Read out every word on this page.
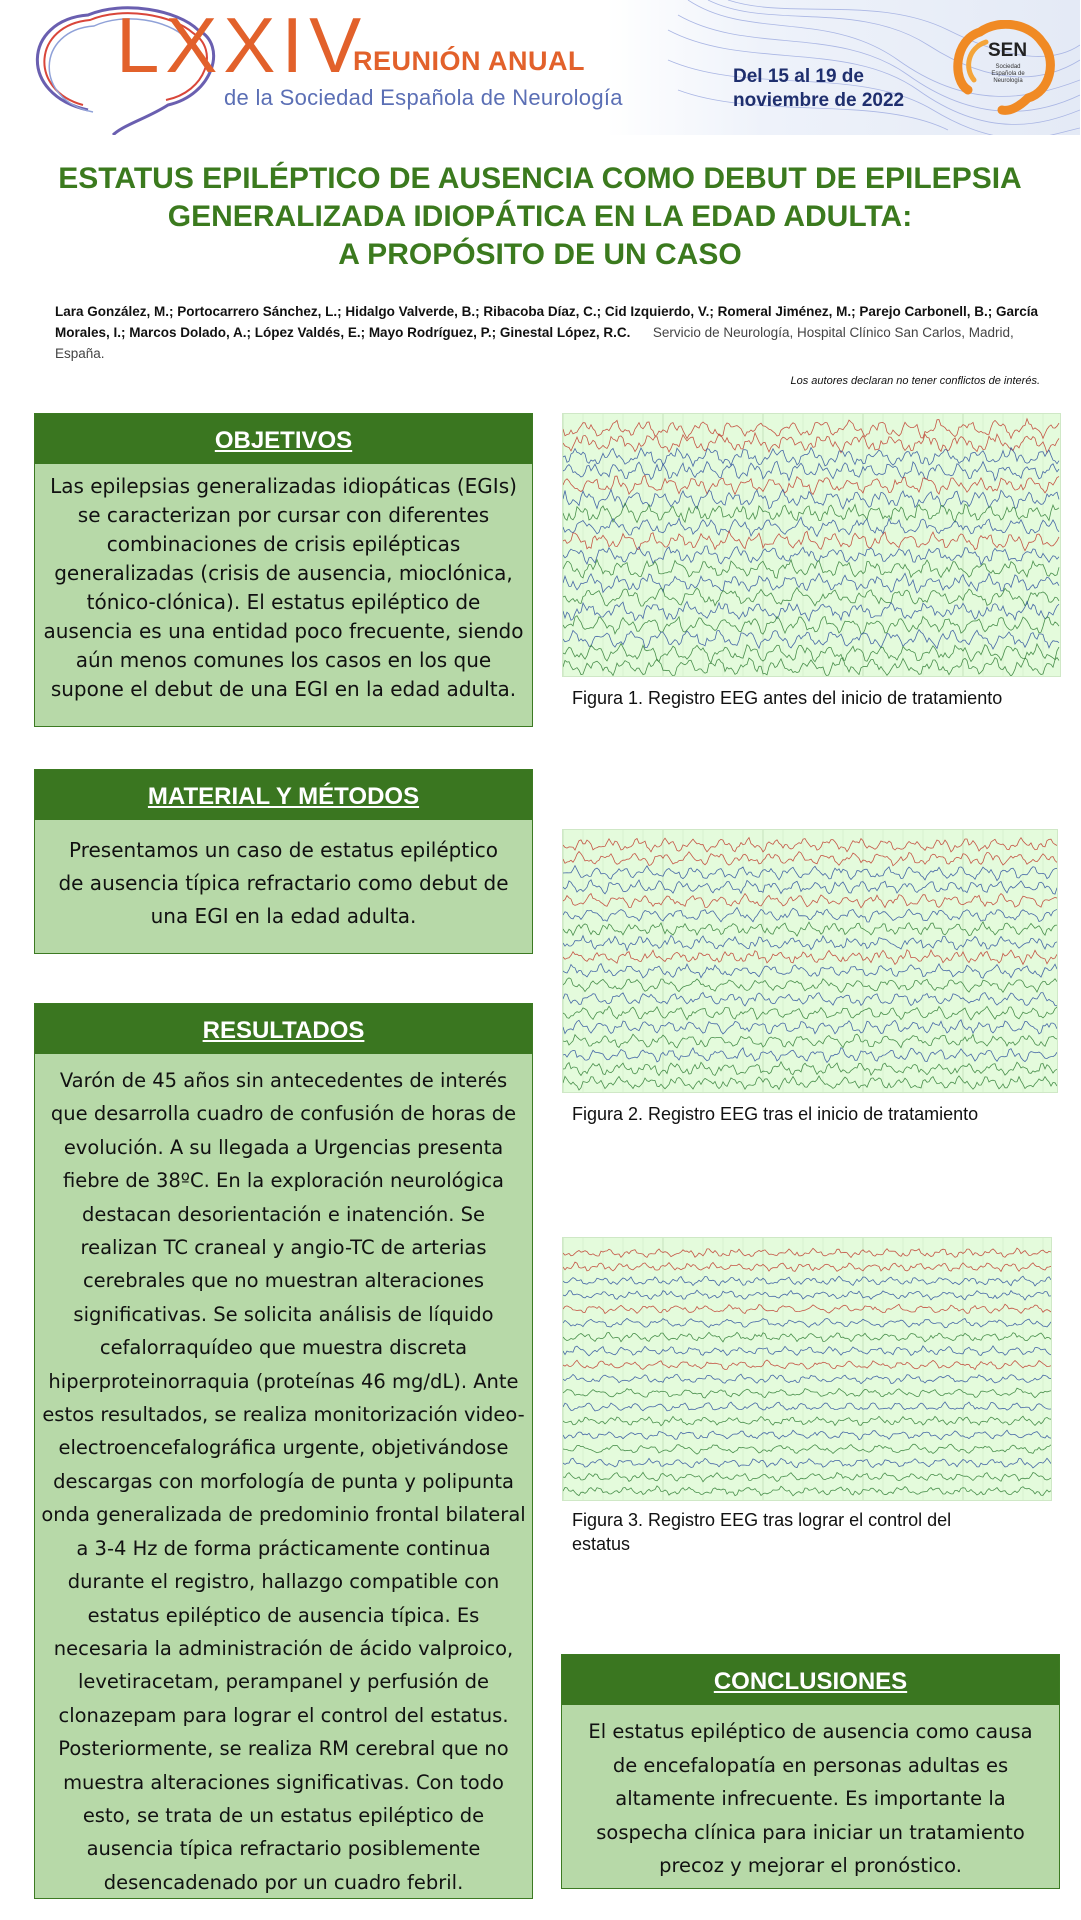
LXXIV
REUNIÓN ANUAL
de la Sociedad Española de Neurología
Del 15 al 19 de
noviembre de 2022
SEN
Sociedad Española de Neurología
ESTATUS EPILÉPTICO DE AUSENCIA COMO DEBUT DE EPILEPSIA
GENERALIZADA IDIOPÁTICA EN LA EDAD ADULTA:
A PROPÓSITO DE UN CASO
Lara González, M.; Portocarrero Sánchez, L.; Hidalgo Valverde, B.; Ribacoba Díaz, C.; Cid Izquierdo, V.; Romeral Jiménez, M.; Parejo Carbonell, B.; García Morales, I.; Marcos Dolado, A.; López Valdés, E.; Mayo Rodríguez, P.; Ginestal López, R.C. Servicio de Neurología, Hospital Clínico San Carlos, Madrid, España.
Los autores declaran no tener conflictos de interés.
OBJETIVOS
Las epilepsias generalizadas idiopáticas (EGIs) se caracterizan por cursar con diferentes combinaciones de crisis epilépticas generalizadas (crisis de ausencia, mioclónica, tónico-clónica). El estatus epiléptico de ausencia es una entidad poco frecuente, siendo aún menos comunes los casos en los que supone el debut de una EGI en la edad adulta.
MATERIAL Y MÉTODOS
Presentamos un caso de estatus epiléptico de ausencia típica refractario como debut de una EGI en la edad adulta.
RESULTADOS
Varón de 45 años sin antecedentes de interés que desarrolla cuadro de confusión de horas de evolución. A su llegada a Urgencias presenta fiebre de 38ºC. En la exploración neurológica destacan desorientación e inatención. Se realizan TC craneal y angio-TC de arterias cerebrales que no muestran alteraciones significativas. Se solicita análisis de líquido cefalorraquídeo que muestra discreta hiperproteinorraquia (proteínas 46 mg/dL). Ante estos resultados, se realiza monitorización video-electroencefalográfica urgente, objetivándose descargas con morfología de punta y polipunta onda generalizada de predominio frontal bilateral a 3-4 Hz de forma prácticamente continua durante el registro, hallazgo compatible con estatus epiléptico de ausencia típica. Es necesaria la administración de ácido valproico, levetiracetam, perampanel y perfusión de clonazepam para lograr el control del estatus. Posteriormente, se realiza RM cerebral que no muestra alteraciones significativas. Con todo esto, se trata de un estatus epiléptico de ausencia típica refractario posiblemente desencadenado por un cuadro febril.
Figura 1. Registro EEG antes del inicio de tratamiento
Figura 2. Registro EEG tras el inicio de tratamiento
Figura 3. Registro EEG tras lograr el control del estatus
CONCLUSIONES
El estatus epiléptico de ausencia como causa de encefalopatía en personas adultas es altamente infrecuente. Es importante la sospecha clínica para iniciar un tratamiento precoz y mejorar el pronóstico.
